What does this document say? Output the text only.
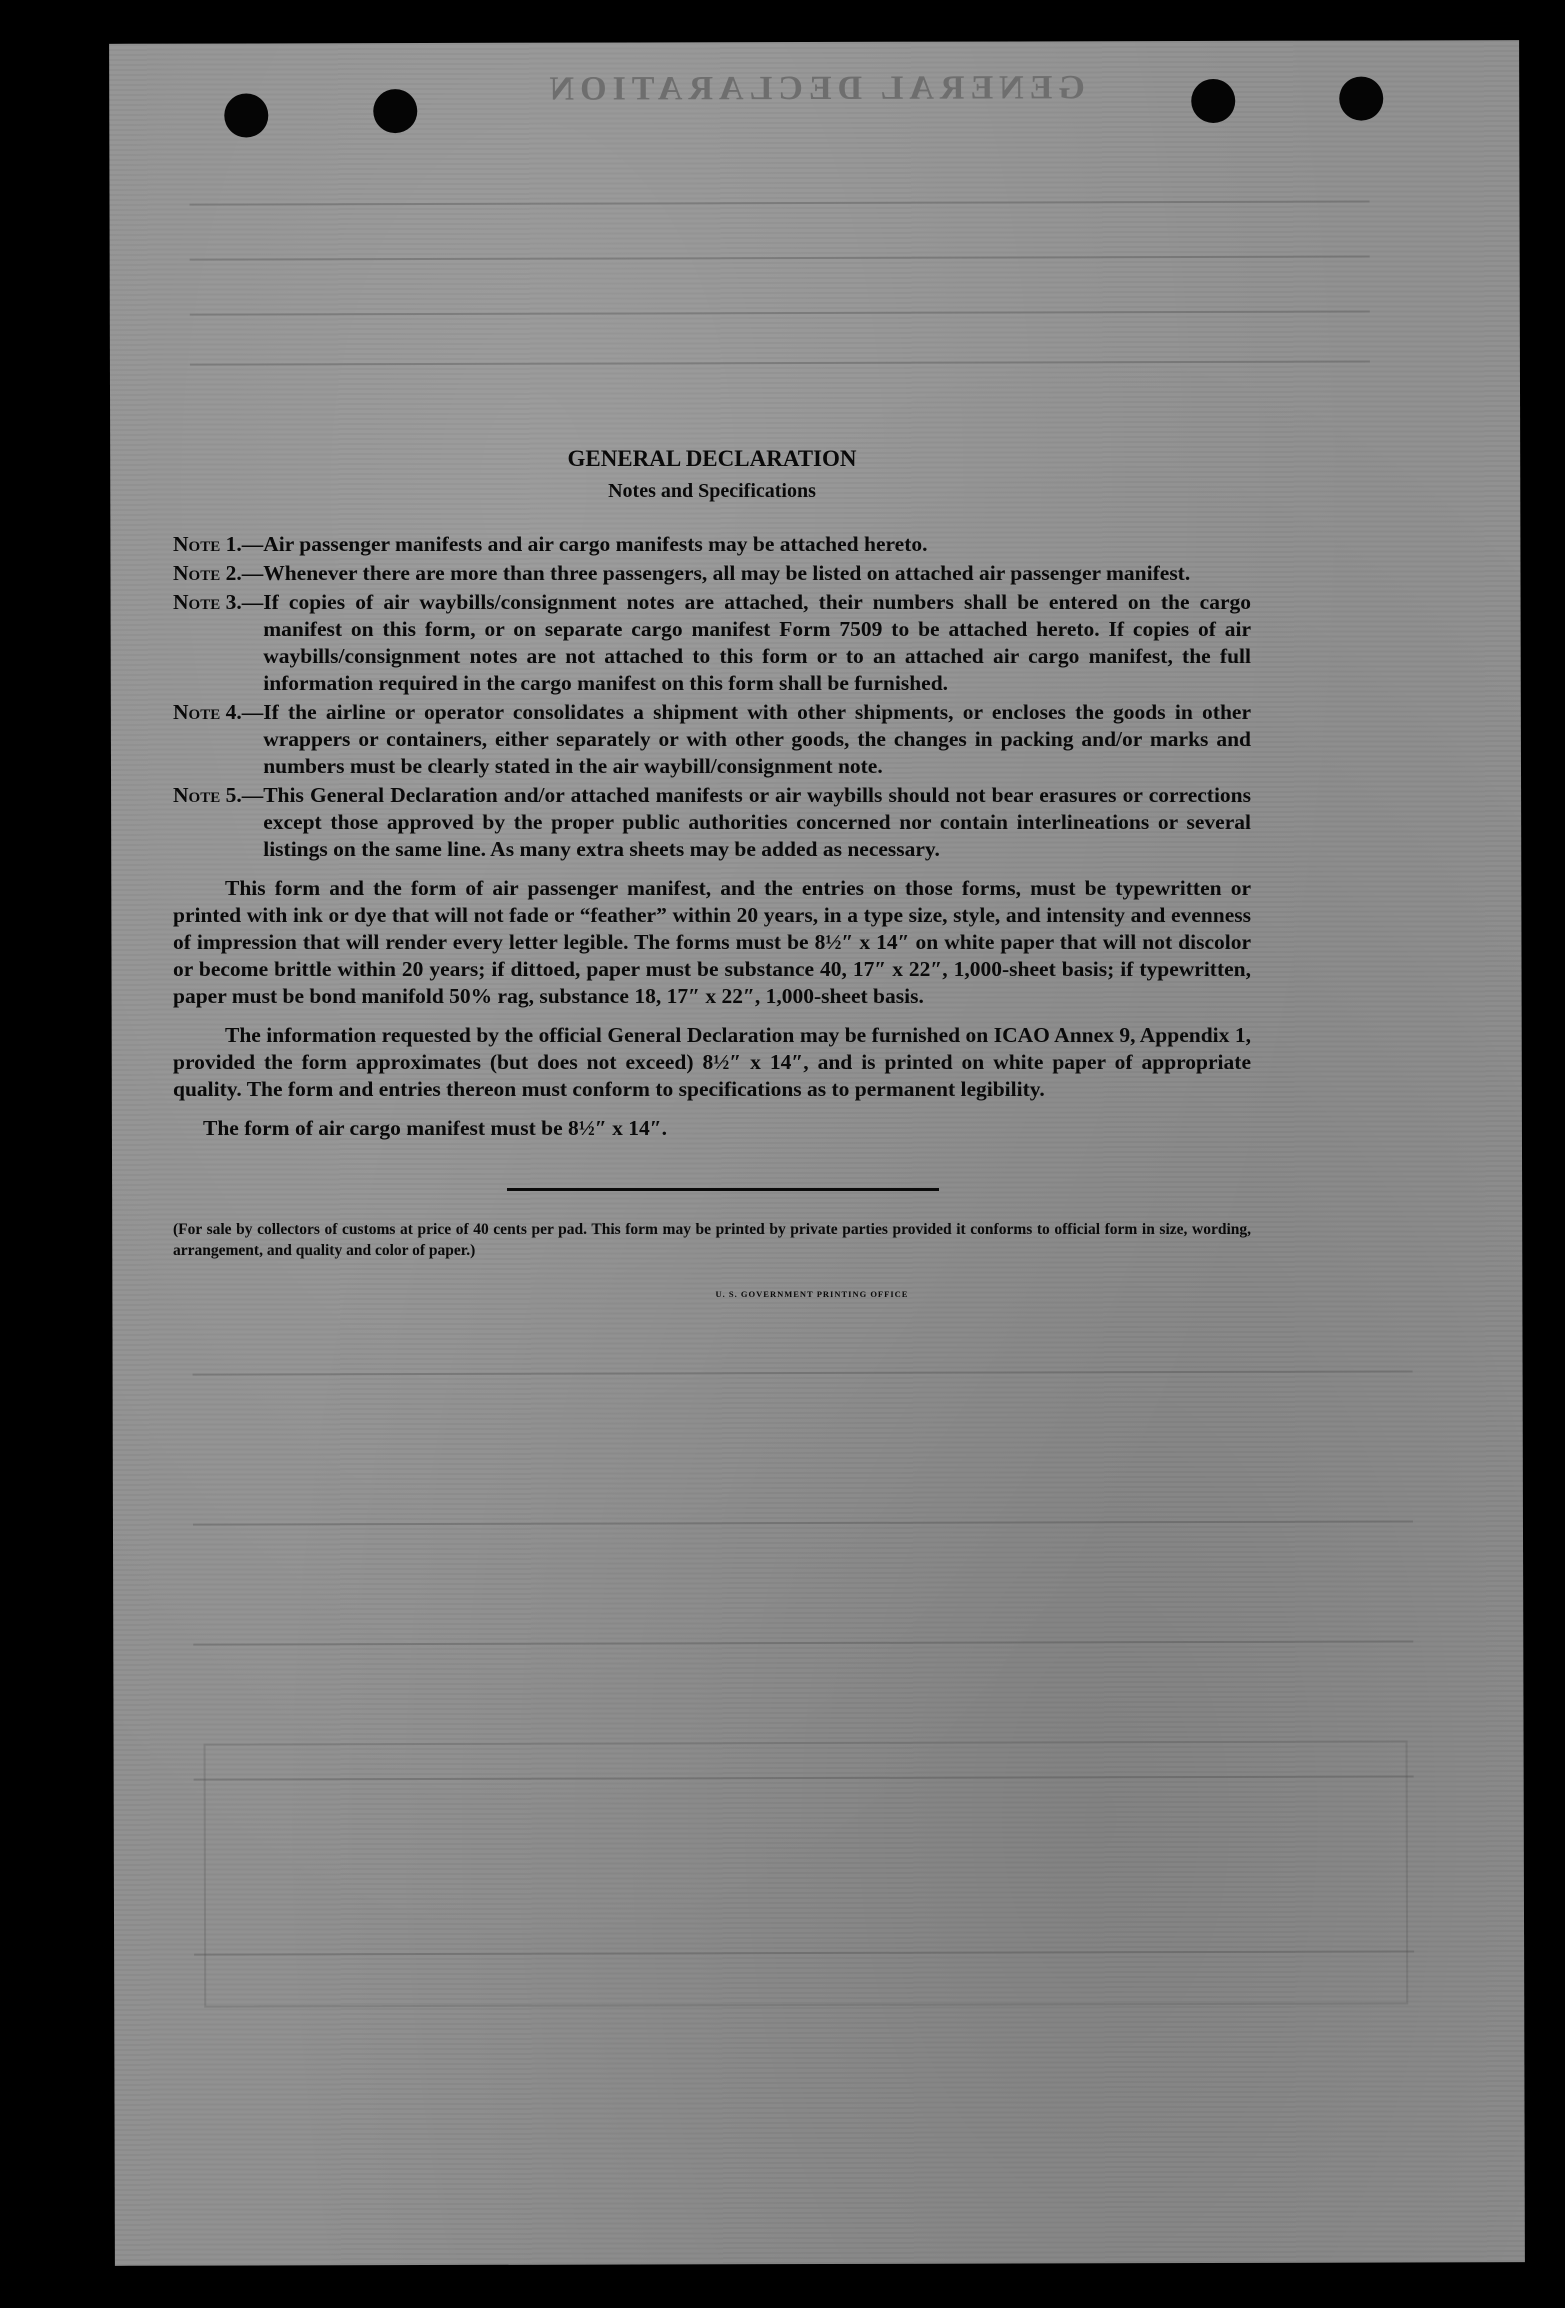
GENERAL DECLARATION

GENERAL DECLARATION

Notes and Specifications

Note 1.— Air passenger manifests and air cargo manifests may be attached hereto.
Note 2.— Whenever there are more than three passengers, all may be listed on attached air passenger manifest.
Note 3.— If copies of air waybills/consignment notes are attached, their numbers shall be entered on the cargo manifest on this form, or on separate cargo manifest Form 7509 to be attached hereto. If copies of air waybills/consignment notes are not attached to this form or to an attached air cargo manifest, the full information required in the cargo manifest on this form shall be furnished.
Note 4.— If the airline or operator consolidates a shipment with other shipments, or encloses the goods in other wrappers or containers, either separately or with other goods, the changes in packing and/or marks and numbers must be clearly stated in the air waybill/consignment note.
Note 5.— This General Declaration and/or attached manifests or air waybills should not bear erasures or corrections except those approved by the proper public authorities concerned nor contain interlineations or several listings on the same line. As many extra sheets may be added as necessary.

This form and the form of air passenger manifest, and the entries on those forms, must be typewritten or printed with ink or dye that will not fade or “feather” within 20 years, in a type size, style, and intensity and evenness of impression that will render every letter legible. The forms must be 8½″ x 14″ on white paper that will not discolor or become brittle within 20 years; if dittoed, paper must be substance 40, 17″ x 22″, 1,000-sheet basis; if typewritten, paper must be bond manifold 50% rag, substance 18, 17″ x 22″, 1,000-sheet basis.

The information requested by the official General Declaration may be furnished on ICAO Annex 9, Appendix 1, provided the form approximates (but does not exceed) 8½″ x 14″, and is printed on white paper of appropriate quality. The form and entries thereon must conform to specifications as to permanent legibility.

The form of air cargo manifest must be 8½″ x 14″.

(For sale by collectors of customs at price of 40 cents per pad. This form may be printed by private parties provided it conforms to official form in size, wording, arrangement, and quality and color of paper.)

U. S. GOVERNMENT PRINTING OFFICE
